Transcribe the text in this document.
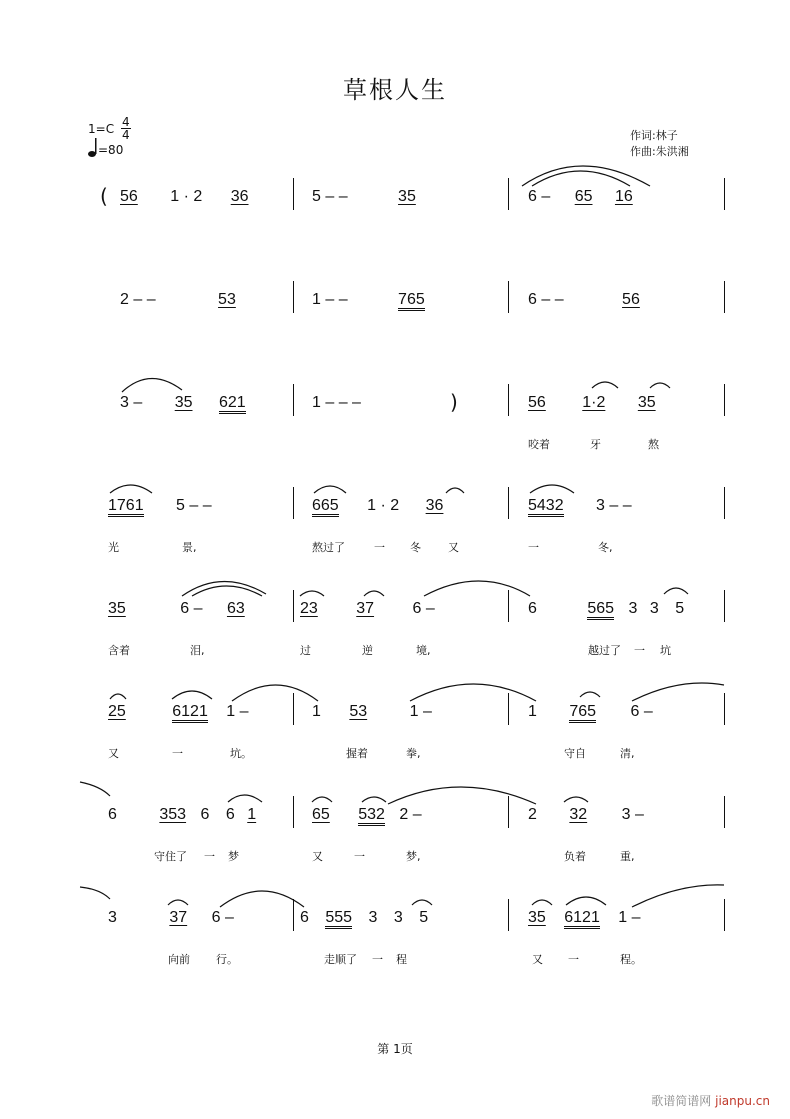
草根人生
$1=C \frac{4}{4}$
=80
作词:林子
作曲:朱洪湘
( 56 1 · 2 36	5 – –	35	6 – 65 16
2 – –	53	1 – –	765	6 – –	56
3 – 35 621	1 – – –	)	56 1·2 35
咬着	牙	熬
1761 5 – –	665 1 · 2 36	5432 3 – –
光	景,	熬过了	一 冬 又	一	冬,
35	6 – 63	23 37 6 –	6	565 3 3 5
含着	泪,	过	逆	境,	越过了 一 坑
25	6121 1 –	1 53	1 –	1 765 6 –
又	一	坑。	握着	拳,	守自	清,
6	353 6 6 1	65 532 2 –	2 32 3 –
守住了 一 梦	又	一	梦,	负着	重,
3	37 6 –	6 555 3 3 5	35 6121 1 –
向前 行。	走顺了 一 程	又 一	程。
第 1页
歌谱简谱网 jianpu.cn
